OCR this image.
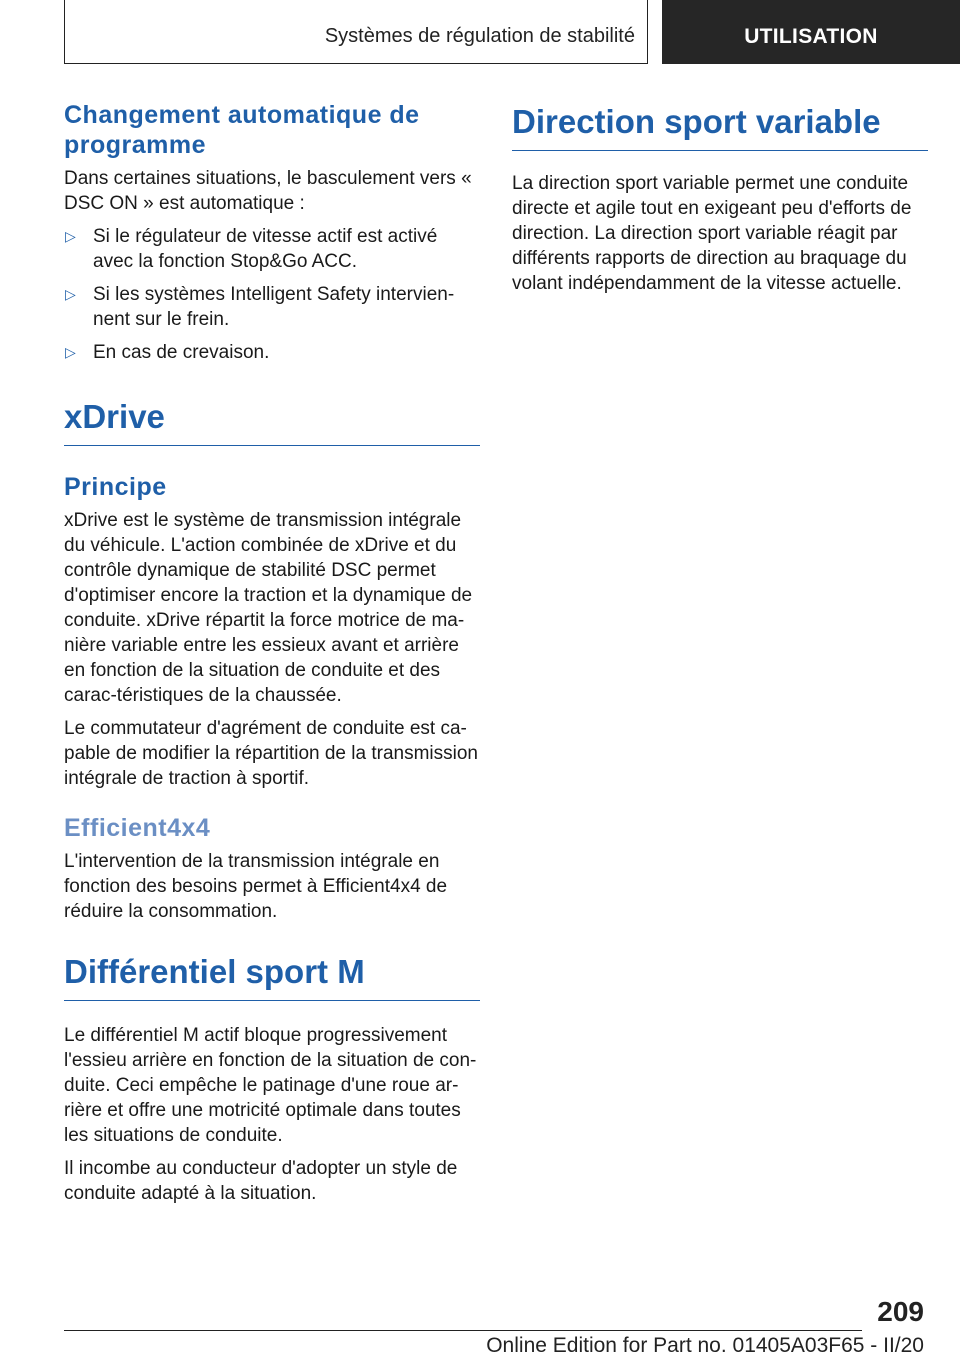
Systèmes de régulation de stabilité	UTILISATION
Changement automatique de programme

Dans certaines situations, le basculement vers « DSC ON » est automatique :

▷ Si le régulateur de vitesse actif est activé avec la fonction Stop&Go ACC.
▷ Si les systèmes Intelligent Safety intervien-nent sur le frein.
▷ En cas de crevaison.
xDrive
Principe

xDrive est le système de transmission intégrale du véhicule. L'action combinée de xDrive et du contrôle dynamique de stabilité DSC permet d'optimiser encore la traction et la dynamique de conduite. xDrive répartit la force motrice de ma-nière variable entre les essieux avant et arrière en fonction de la situation de conduite et des carac-téristiques de la chaussée.

Le commutateur d'agrément de conduite est ca-pable de modifier la répartition de la transmission intégrale de traction à sportif.

Efficient4x4

L'intervention de la transmission intégrale en fonction des besoins permet à Efficient4x4 de réduire la consommation.

Différentiel sport M

Le différentiel M actif bloque progressivement l'essieu arrière en fonction de la situation de con-duite. Ceci empêche le patinage d'une roue ar-rière et offre une motricité optimale dans toutes les situations de conduite.

Il incombe au conducteur d'adopter un style de conduite adapté à la situation.

Direction sport variable

La direction sport variable permet une conduite directe et agile tout en exigeant peu d'efforts de direction. La direction sport variable réagit par différents rapports de direction au braquage du volant indépendamment de la vitesse actuelle.

209
Online Edition for Part no. 01405A03F65 - II/20
